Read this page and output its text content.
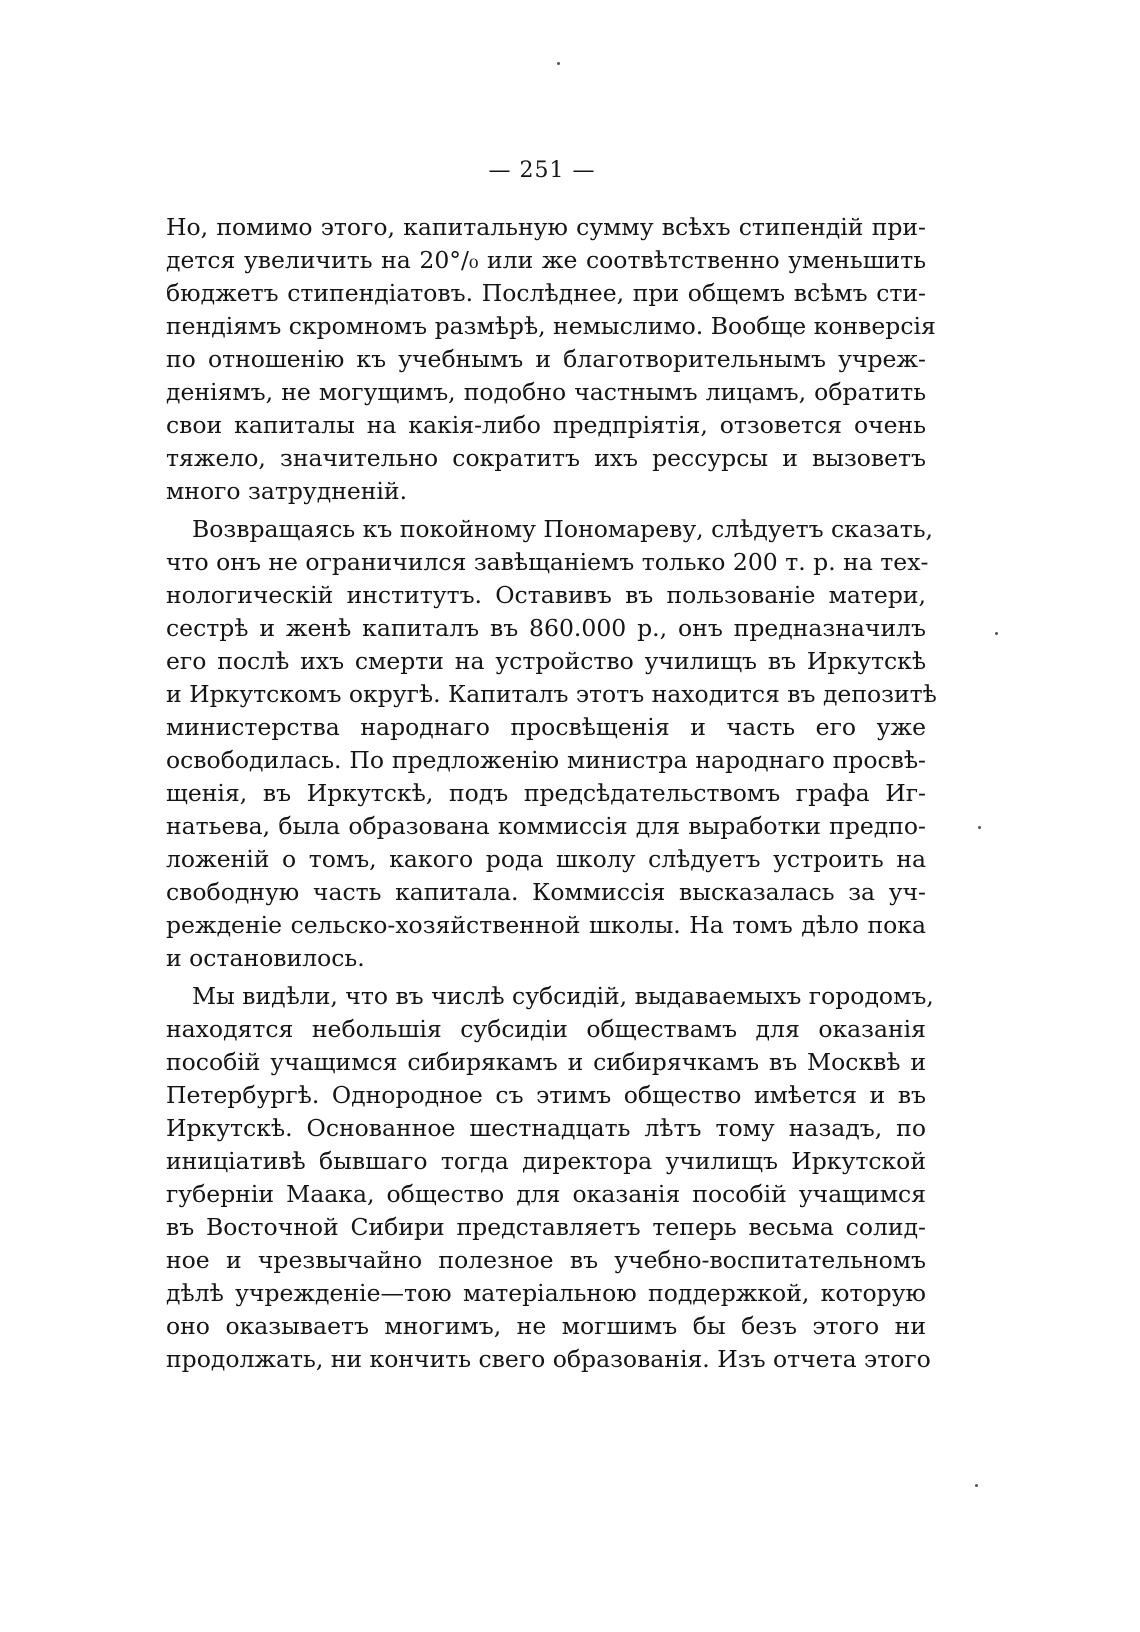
— 251 —
Но, помимо этого, капитальную сумму всѣхъ стипендій при-
дется увеличить на 20°/₀ или же соотвѣтственно уменьшить
бюджетъ стипендіатовъ. Послѣднее, при общемъ всѣмъ сти-
пендіямъ скромномъ размѣрѣ, немыслимо. Вообще конверсія
по отношенію къ учебнымъ и благотворительнымъ учреж-
деніямъ, не могущимъ, подобно частнымъ лицамъ, обратить
свои капиталы на какія-либо предпріятія, отзовется очень
тяжело, значительно сократитъ ихъ рессурсы и вызоветъ
много затрудненій.
Возвращаясь къ покойному Пономареву, слѣдуетъ сказать,
что онъ не ограничился завѣщаніемъ только 200 т. р. на тех-
нологическій институтъ. Оставивъ въ пользованіе матери,
сестрѣ и женѣ капиталъ въ 860.000 р., онъ предназначилъ
его послѣ ихъ смерти на устройство училищъ въ Иркутскѣ
и Иркутскомъ округѣ. Капиталъ этотъ находится въ депозитѣ
министерства народнаго просвѣщенія и часть его уже
освободилась. По предложенію министра народнаго просвѣ-
щенія, въ Иркутскѣ, подъ предсѣдательствомъ графа Иг-
натьева, была образована коммиссія для выработки предпо-
ложеній о томъ, какого рода школу слѣдуетъ устроить на
свободную часть капитала. Коммиссія высказалась за уч-
режденіе сельско-хозяйственной школы. На томъ дѣло пока
и остановилось.
Мы видѣли, что въ числѣ субсидій, выдаваемыхъ городомъ,
находятся небольшія субсидіи обществамъ для оказанія
пособій учащимся сибирякамъ и сибирячкамъ въ Москвѣ и
Петербургѣ. Однородное съ этимъ общество имѣется и въ
Иркутскѣ. Основанное шестнадцать лѣтъ тому назадъ, по
иниціативѣ бывшаго тогда директора училищъ Иркутской
губерніи Маака, общество для оказанія пособій учащимся
въ Восточной Сибири представляетъ теперь весьма солид-
ное и чрезвычайно полезное въ учебно-воспитательномъ
дѣлѣ учрежденіе—тою матеріальною поддержкой, которую
оно оказываетъ многимъ, не могшимъ бы безъ этого ни
продолжать, ни кончить свего образованія. Изъ отчета этого
